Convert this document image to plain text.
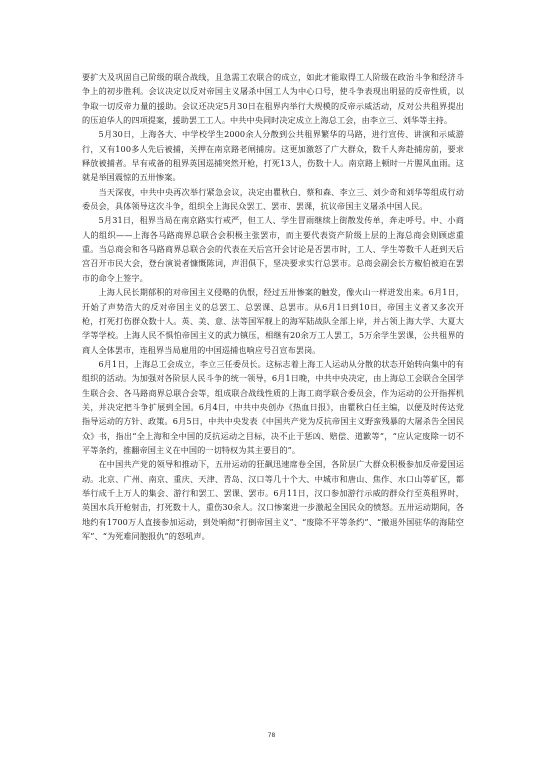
要扩大及巩固自己阶级的联合战线，且急需工农联合的成立，如此才能取得工人阶级在政治斗争和经济斗争上的初步胜利。会议决定以反对帝国主义屠杀中国工人为中心口号，使斗争表现出明显的反帝性质，以争取一切反帝力量的援助。会议还决定5月30日在租界内举行大规模的反帝示威活动，反对公共租界提出的压迫华人的四项提案，援助罢工工人。中共中央同时决定成立上海总工会，由李立三、刘华等主持。

5月30日，上海各大、中学校学生2000余人分散到公共租界繁华的马路，进行宣传、讲演和示威游行，又有100多人先后被捕，关押在南京路老闸捕房。这更加激怒了广大群众，数千人奔赴捕房前，要求释放被捕者。早有戒备的租界英国巡捕突然开枪，打死13人，伤数十人。南京路上顿时一片腥风血雨。这就是举国震惊的五卅惨案。

当天深夜，中共中央再次举行紧急会议，决定由瞿秋白、蔡和森、李立三、刘少奇和刘华等组成行动委员会，具体领导这次斗争，组织全上海民众罢工、罢市、罢课，抗议帝国主义屠杀中国人民。

5月31日，租界当局在南京路实行戒严，但工人、学生冒雨继续上街散发传单，奔走呼号。中、小商人的组织——上海各马路商界总联合会积极主张罢市，而主要代表资产阶级上层的上海总商会则顾虑重重。当总商会和各马路商界总联合会的代表在天后宫开会讨论是否罢市时，工人、学生等数千人赶到天后宫召开市民大会，登台演说者慷慨陈词，声泪俱下，坚决要求实行总罢市。总商会副会长方椒伯被迫在罢市的命令上签字。

上海人民长期郁积的对帝国主义侵略的仇恨，经过五卅惨案的触发，像火山一样迸发出来。6月1日，开始了声势浩大的反对帝国主义的总罢工、总罢课、总罢市。从6月1日到10日，帝国主义者又多次开枪，打死打伤群众数十人。英、美、意、法等国军舰上的海军陆战队全部上岸，并占领上海大学、大夏大学等学校。上海人民不惧怕帝国主义的武力镇压，相继有20余万工人罢工，5万余学生罢课，公共租界的商人全体罢市，连租界当局雇用的中国巡捕也响应号召宣布罢岗。

6月1日，上海总工会成立，李立三任委员长。这标志着上海工人运动从分散的状态开始转向集中的有组织的活动。为加强对各阶层人民斗争的统一领导，6月1日晚，中共中央决定，由上海总工会联合全国学生联合会、各马路商界总联合会等，组成联合战线性质的上海工商学联合委员会，作为运动的公开指挥机关，并决定把斗争扩展到全国。6月4日，中共中央创办《热血日报》，由瞿秋白任主编，以便及时传达党指导运动的方针、政策。6月5日，中共中央发表《中国共产党为反抗帝国主义野蛮残暴的大屠杀告全国民众》书，指出“全上海和全中国的反抗运动之目标，决不止于惩凶、赔偿、道歉等”，“应认定废除一切不平等条约，推翻帝国主义在中国的一切特权为其主要目的”。

在中国共产党的领导和推动下，五卅运动的狂飙迅速席卷全国，各阶层广大群众积极参加反帝爱国运动。北京、广州、南京、重庆、天津、青岛、汉口等几十个大、中城市和唐山、焦作、水口山等矿区，都举行成千上万人的集会、游行和罢工、罢课、罢市。6月11日，汉口参加游行示威的群众行至英租界时，英国水兵开枪射击，打死数十人，重伤30余人。汉口惨案进一步激起全国民众的愤怒。五卅运动期间，各地约有1700万人直接参加运动，到处响彻“打倒帝国主义”、“废除不平等条约”、“撤退外国驻华的海陆空军”、“为死难同胞报仇”的怒吼声。

78
